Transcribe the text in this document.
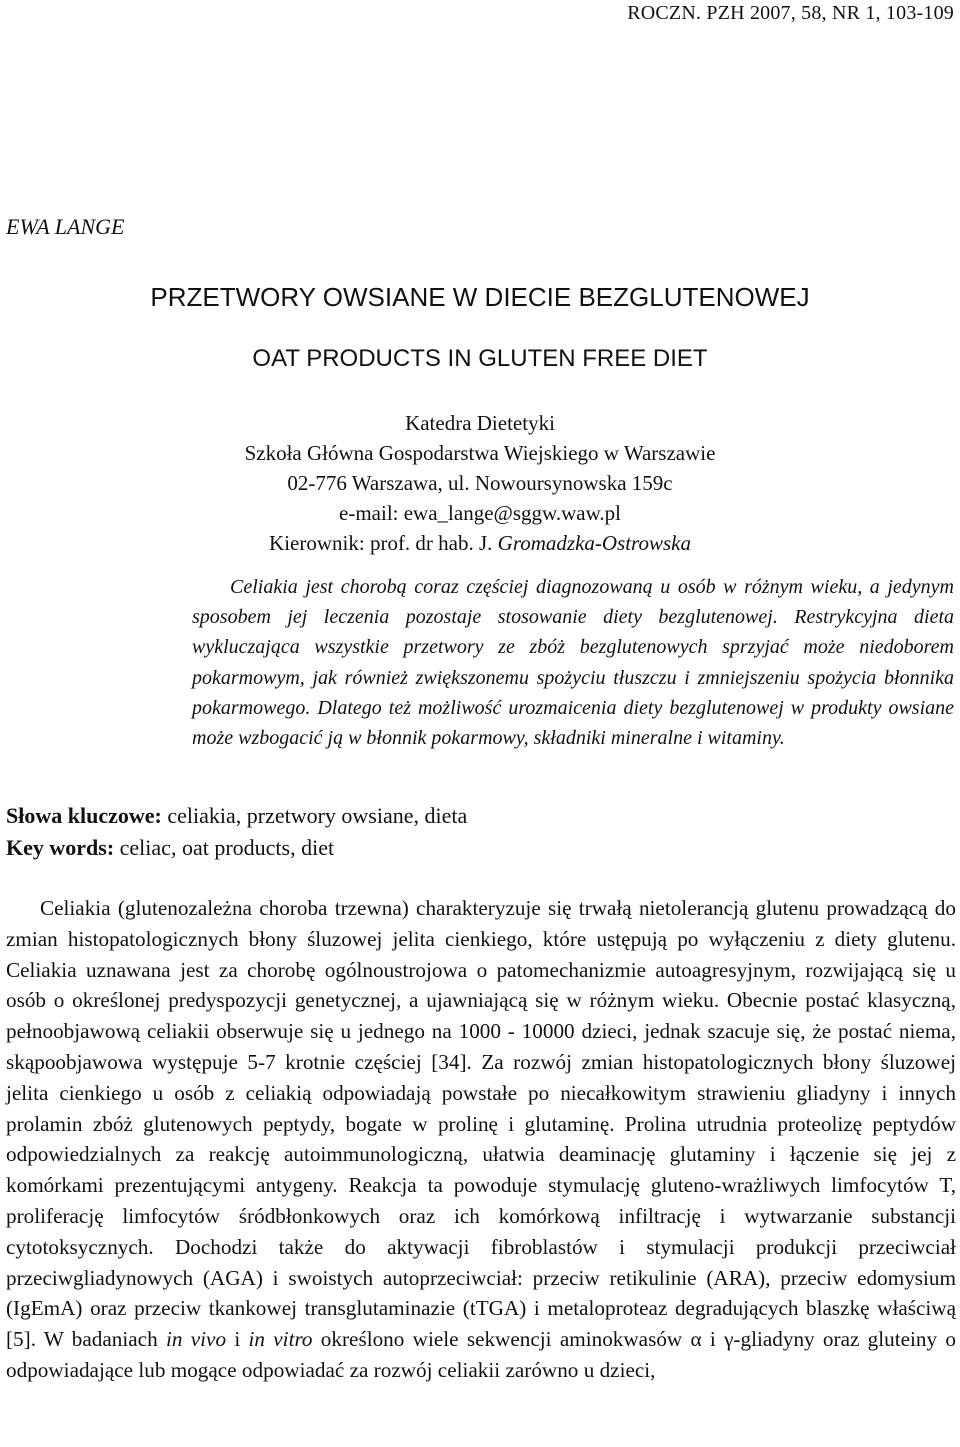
ROCZN. PZH 2007, 58, NR 1, 103-109
EWA LANGE
PRZETWORY OWSIANE W DIECIE BEZGLUTENOWEJ
OAT PRODUCTS IN GLUTEN FREE DIET
Katedra Dietetyki
Szkoła Główna Gospodarstwa Wiejskiego w Warszawie
02-776 Warszawa, ul. Nowoursynowska 159c
e-mail: ewa_lange@sggw.waw.pl
Kierownik: prof. dr hab. J. Gromadzka-Ostrowska
Celiakia jest chorobą coraz częściej diagnozowaną u osób w różnym wieku, a jedynym sposobem jej leczenia pozostaje stosowanie diety bezglutenowej. Restrykcyjna dieta wykluczająca wszystkie przetwory ze zbóż bezglutenowych sprzyjać może niedoborem pokarmowym, jak również zwiększonemu spożyciu tłuszczu i zmniejszeniu spożycia błonnika pokarmowego. Dlatego też możliwość urozmaicenia diety bezglutenowej w produkty owsiane może wzbogacić ją w błonnik pokarmowy, składniki mineralne i witaminy.
Słowa kluczowe: celiakia, przetwory owsiane, dieta
Key words: celiac, oat products, diet
Celiakia (glutenozależna choroba trzewna) charakteryzuje się trwałą nietolerancją glutenu prowadzącą do zmian histopatologicznych błony śluzowej jelita cienkiego, które ustępują po wyłączeniu z diety glutenu. Celiakia uznawana jest za chorobę ogólnoustrojowa o patomechanizmie autoagresyjnym, rozwijającą się u osób o określonej predyspozycji genetycznej, a ujawniającą się w różnym wieku. Obecnie postać klasyczną, pełnoobjawową celiakii obserwuje się u jednego na 1000 - 10000 dzieci, jednak szacuje się, że postać niema, skąpoobjawowa występuje 5-7 krotnie częściej [34]. Za rozwój zmian histopatologicznych błony śluzowej jelita cienkiego u osób z celiakią odpowiadają powstałe po niecałkowitym strawieniu gliadyny i innych prolamin zbóż glutenowych peptydy, bogate w prolinę i glutaminę. Prolina utrudnia proteolizę peptydów odpowiedzialnych za reakcję autoimmunologiczną, ułatwia deaminację glutaminy i łączenie się jej z komórkami prezentującymi antygeny. Reakcja ta powoduje stymulację gluteno-wrażliwych limfocytów T, proliferację limfocytów śródbłonkowych oraz ich komórkową infiltrację i wytwarzanie substancji cytotoksycznych. Dochodzi także do aktywacji fibroblastów i stymulacji produkcji przeciwciał przeciwgliadynowych (AGA) i swoistych autoprzeciwciał: przeciw retikulinie (ARA), przeciw edomysium (IgEmA) oraz przeciw tkankowej transglutaminazie (tTGA) i metaloproteaz degradujących blaszkę właściwą [5]. W badaniach in vivo i in vitro określono wiele sekwencji aminokwasów α i γ-gliadyny oraz gluteiny o odpowiadające lub mogące odpowiadać za rozwój celiakii zarówno u dzieci,
